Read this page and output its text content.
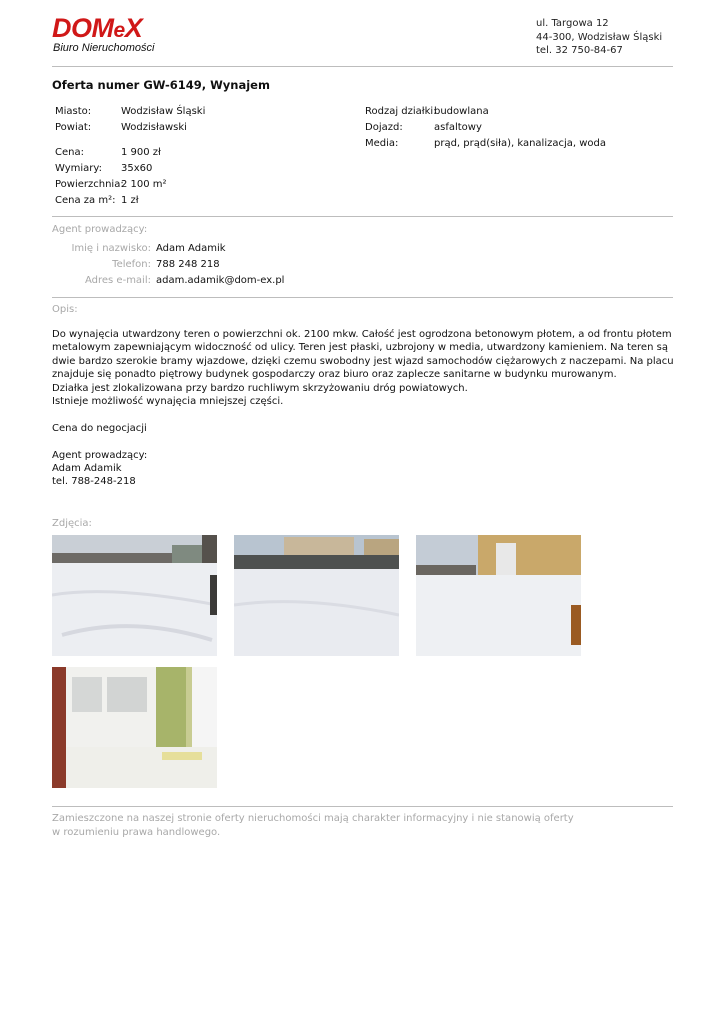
DOMeX
Biuro Nieruchomości
ul. Targowa 12
44-300, Wodzisław Śląski
tel. 32 750-84-67
Oferta numer GW-6149, Wynajem
Miasto:	Wodzisław Śląski
Powiat:	Wodzisławski
Cena:	1 900 zł
Wymiary: 35x60
Powierzchnia:
2 100 m²
Cena za m²: 1 zł
Rodzaj działki:
budowlana
Dojazd:	asfaltowy
Media:	prąd, prąd(siła), kanalizacja, woda
Agent prowadzący:
Imię i nazwisko: Adam Adamik
Telefon: 788 248 218
Adres e-mail: adam.adamik@dom-ex.pl
Opis:

Do wynajęcia utwardzony teren o powierzchni ok. 2100 mkw. Całość jest ogrodzona betonowym płotem, a od frontu płotem metalowym zapewniającym widoczność od ulicy. Teren jest płaski, uzbrojony w media, utwardzony kamieniem. Na teren są dwie bardzo szerokie bramy wjazdowe, dzięki czemu swobodny jest wjazd samochodów ciężarowych z naczepami. Na placu znajduje się ponadto piętrowy budynek gospodarczy oraz biuro oraz zaplecze sanitarne w budynku murowanym.

Działka jest zlokalizowana przy bardzo ruchliwym skrzyżowaniu dróg powiatowych.

Istnieje możliwość wynajęcia mniejszej części.

Cena do negocjacji

Agent prowadzący:

Adam Adamik

tel. 788-248-218

Zdjęcia:
Zamieszczone na naszej stronie oferty nieruchomości mają charakter informacyjny i nie stanowią oferty
w rozumieniu prawa handlowego.
